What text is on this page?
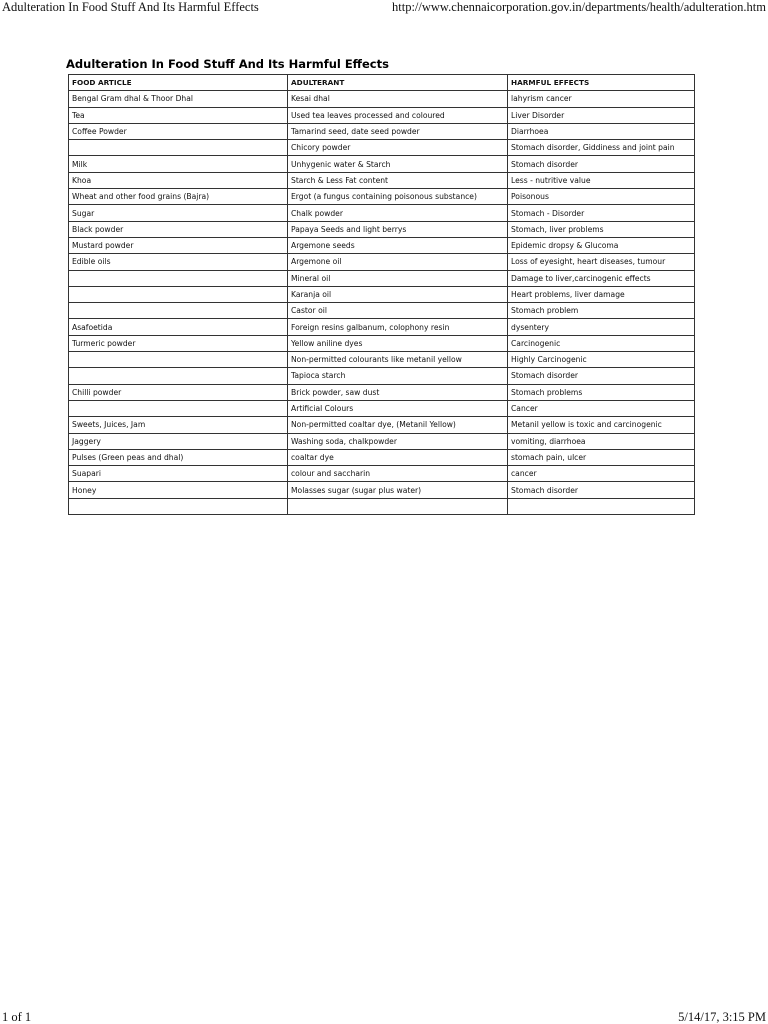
Adulteration In Food Stuff And Its Harmful Effects	http://www.chennaicorporation.gov.in/departments/health/adulteration.htm
Adulteration In Food Stuff And Its Harmful Effects
FOOD ARTICLE	ADULTERANT	HARMFUL EFFECTS
Bengal Gram dhal & Thoor Dhal	Kesai dhal	lahyrism cancer
Tea	Used tea leaves processed and coloured	Liver Disorder
Coffee Powder	Tamarind seed, date seed powder	Diarrhoea
	Chicory powder	Stomach disorder, Giddiness and joint pain
Milk	Unhygenic water & Starch	Stomach disorder
Khoa	Starch & Less Fat content	Less - nutritive value
Wheat and other food grains (Bajra)	Ergot (a fungus containing poisonous substance)	Poisonous
Sugar	Chalk powder	Stomach - Disorder
Black powder	Papaya Seeds and light berrys	Stomach, liver problems
Mustard powder	Argemone seeds	Epidemic dropsy & Glucoma
Edible oils	Argemone oil	Loss of eyesight, heart diseases, tumour
	Mineral oil	Damage to liver,carcinogenic effects
	Karanja oil	Heart problems, liver damage
	Castor oil	Stomach problem
Asafoetida	Foreign resins galbanum, colophony resin	dysentery
Turmeric powder	Yellow aniline dyes	Carcinogenic
	Non-permitted colourants like metanil yellow	Highly Carcinogenic
	Tapioca starch	Stomach disorder
Chilli powder	Brick powder, saw dust	Stomach problems
	Artificial Colours	Cancer
Sweets, Juices, Jam	Non-permitted coaltar dye, (Metanil Yellow)	Metanil yellow is toxic and carcinogenic
Jaggery	Washing soda, chalkpowder	vomiting, diarrhoea
Pulses (Green peas and dhal)	coaltar dye	stomach pain, ulcer
Suapari	colour and saccharin	cancer
Honey	Molasses sugar (sugar plus water)	Stomach disorder

1 of 1	5/14/17, 3:15 PM
